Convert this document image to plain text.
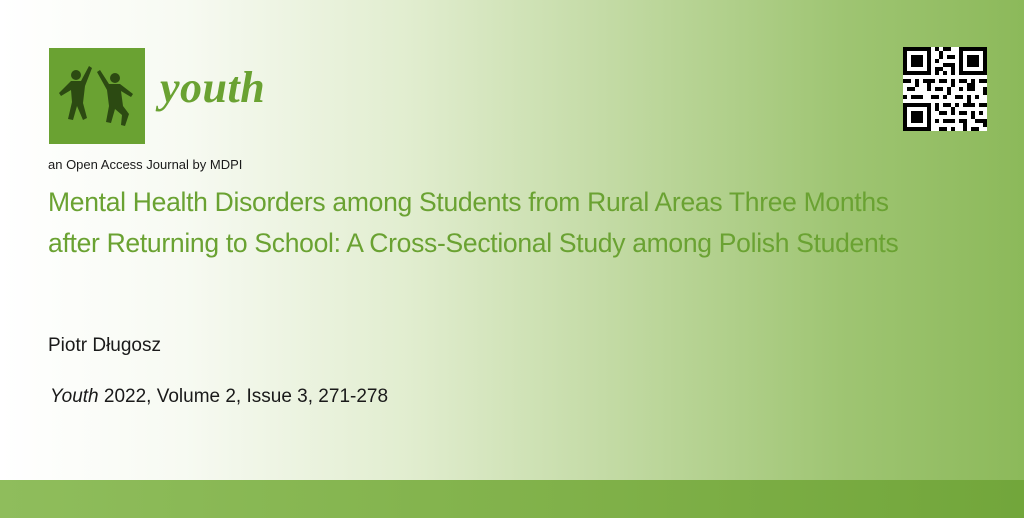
youth
an Open Access Journal by MDPI
Mental Health Disorders among Students from Rural Areas Three Months after Returning to School: A Cross-Sectional Study among Polish Students
Piotr Długosz
Youth 2022, Volume 2, Issue 3, 271-278
